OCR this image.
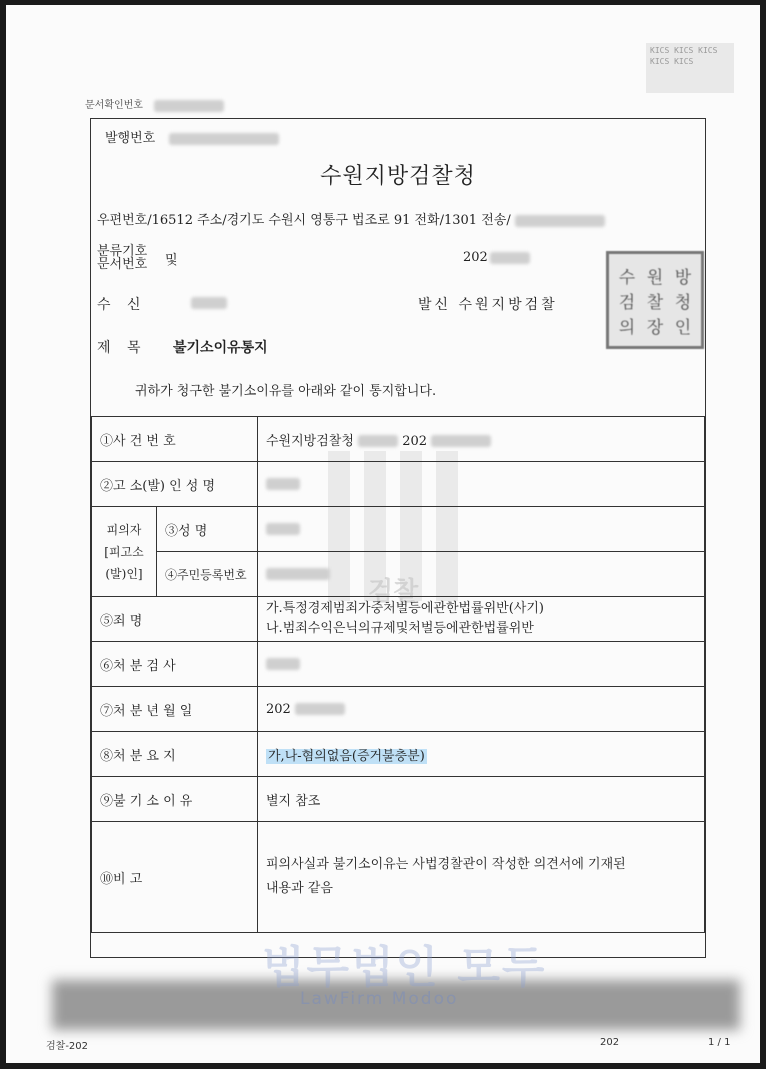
KICS KICS KICS KICS KICS
문서확인번호
검찰
발행번호
수원지방검찰청
우편번호/16512 주소/경기도 수원시 영통구 법조로 91 전화/1301 전송/
분류기호
문서번호 및	202
수 신	발신 수원지방검찰
제 목 불기소이유통지
귀하가 청구한 불기소이유를 아래와 같이 통지합니다.
①사 건 번 호		수원지방검찰청 202
②고 소(발) 인 성 명		

피의자
[피고소(발)인]	③성 명	
	④주민등록번호	
⑤죄 명		가.특정경제범죄가중처벌등에관한법률위반(사기)
나.범죄수익은닉의규제및처벌등에관한법률위반

⑥처 분 검 사		
⑦처 분 년 월 일		202
⑧처 분 요 지		가,나-혐의없음(증거불충분)
⑨불 기 소 이 유		별지 참조
⑩비 고		피의사실과 불기소이유는 사법경찰관이 작성한 의견서에 기재된
내용과 같음
수 원 방
검 찰 청
의 장 인
법무법인 모두
LawFirm Modoo
검찰-202	202	1 / 1
